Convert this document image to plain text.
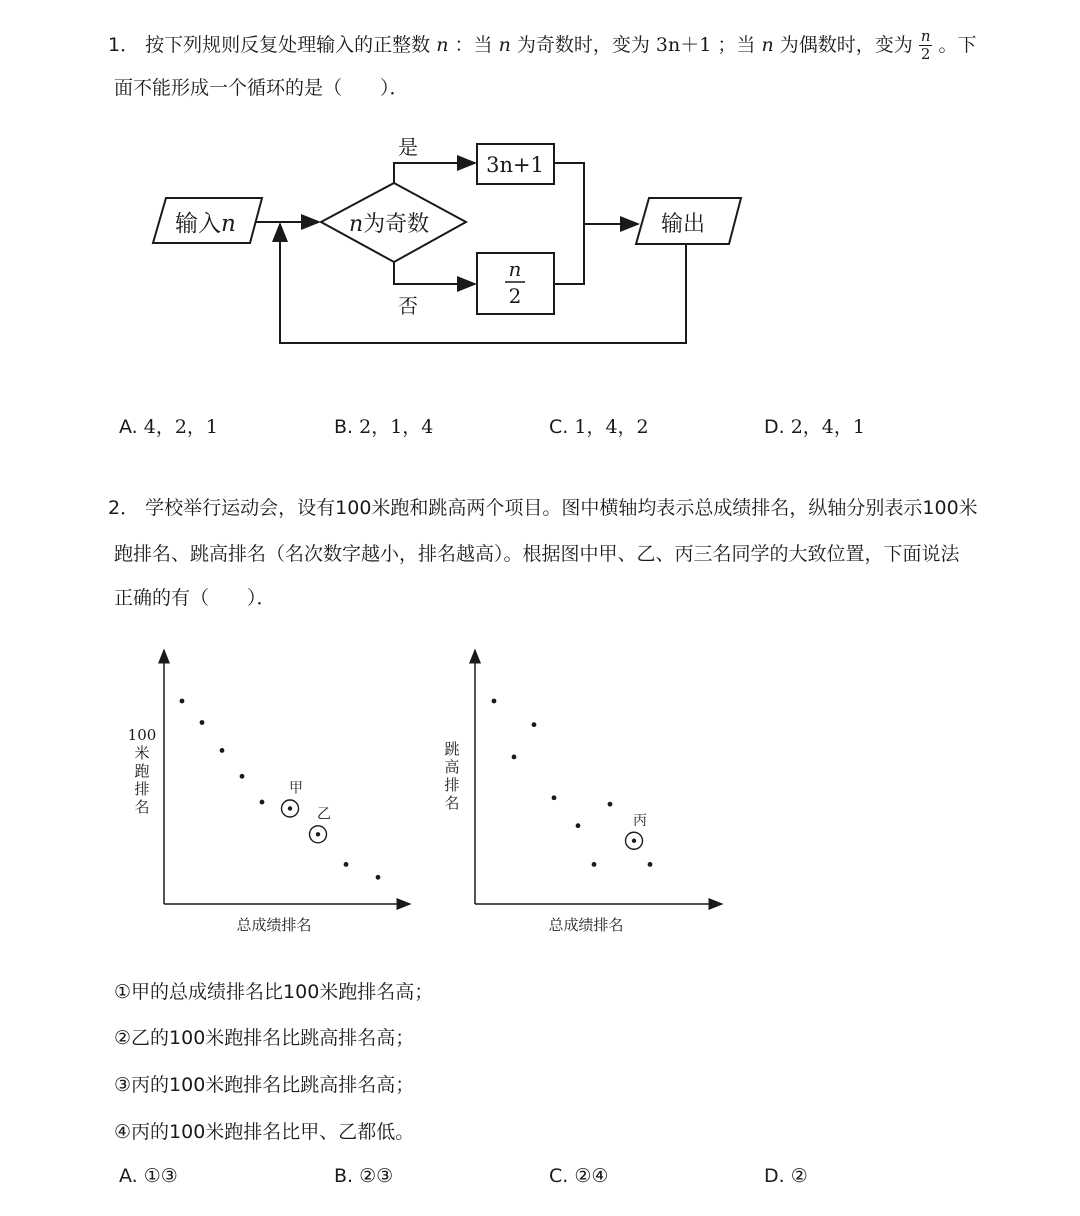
1． 按下列规则反复处理输入的正整数 n ：当 n 为奇数时，变为 3n＋1 ；当 n 为偶数时，变为 $\frac{n}{2}$ 。下
面不能形成一个循环的是（　　）．
输入n	n为奇数
是
否
3n+1
n
2
输出
A. 4，2，1	B. 2，1，4	C. 1，4，2	D. 2，4，1
2． 学校举行运动会，设有100米跑和跳高两个项目。图中横轴均表示总成绩排名，纵轴分别表示100米
跑排名、跳高排名（名次数字越小，排名越高）。根据图中甲、乙、丙三名同学的大致位置，下面说法
正确的有（　　）．
100
米
跑
排
名
总成绩排名
甲
乙
跳
高
排
名
总成绩排名
丙
①甲的总成绩排名比100米跑排名高；
②乙的100米跑排名比跳高排名高；
③丙的100米跑排名比跳高排名高；
④丙的100米跑排名比甲、乙都低。
A. ①③	B. ②③	C. ②④	D. ②
